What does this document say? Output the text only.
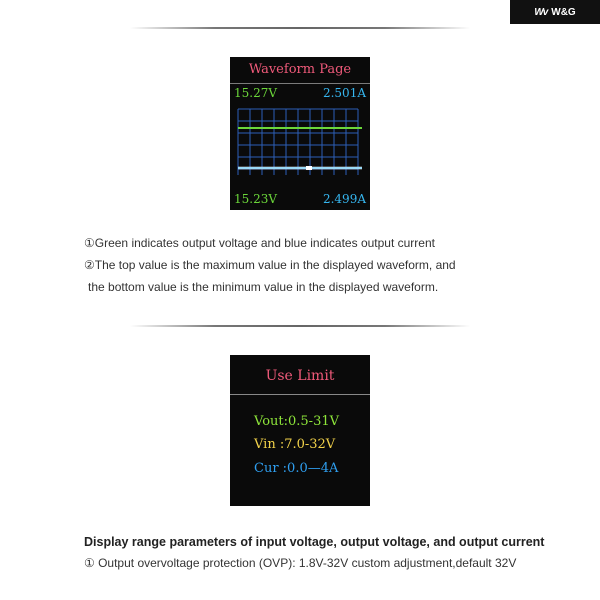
Wv W&G
Waveform Page
15.27V	2.501A
15.23V	2.499A
①Green indicates output voltage and blue indicates output current
②The top value is the maximum value in the displayed waveform, and
the bottom value is the minimum value in the displayed waveform.
Use Limit
Vout:0.5-31V
Vin :7.0-32V
Cur :0.0—4A
Display range parameters of input voltage, output voltage, and output current
① Output overvoltage protection (OVP): 1.8V-32V custom adjustment,default 32V
